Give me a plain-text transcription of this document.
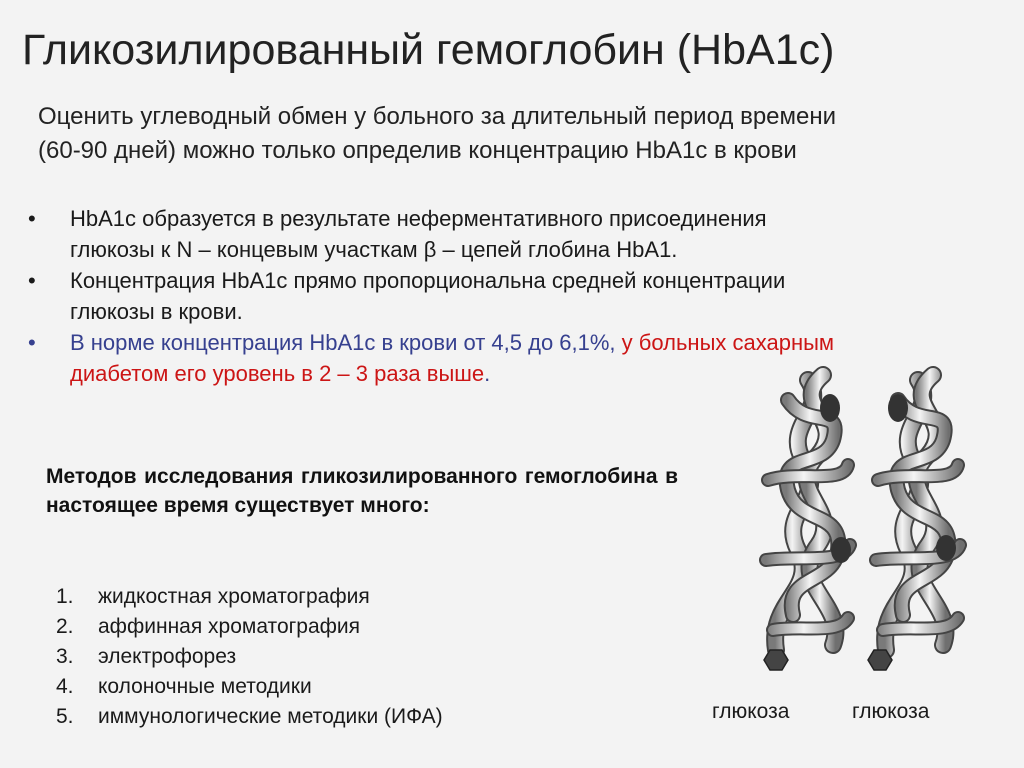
Гликозилированный гемоглобин (HbA1c)
Оценить углеводный обмен у больного за длительный период времени
(60-90 дней) можно только определив концентрацию HbA1c в крови
• HbA1c образуется в результате неферментативного присоединения
глюкозы к N – концевым участкам β – цепей глобина HbA1.
• Концентрация HbA1c прямо пропорциональна средней концентрации
глюкозы в крови.
• В норме концентрация HbA1c в крови от 4,5 до 6,1%, у больных сахарным
диабетом его уровень в 2 – 3 раза выше.
Методов исследования гликозилированного гемоглобина в настоящее время существует много:
1.	жидкостная хроматография
2.	аффинная хроматография
3.	электрофорез
4.	колоночные методики
5.	иммунологические методики (ИФА)	глюкоза	глюкоза
